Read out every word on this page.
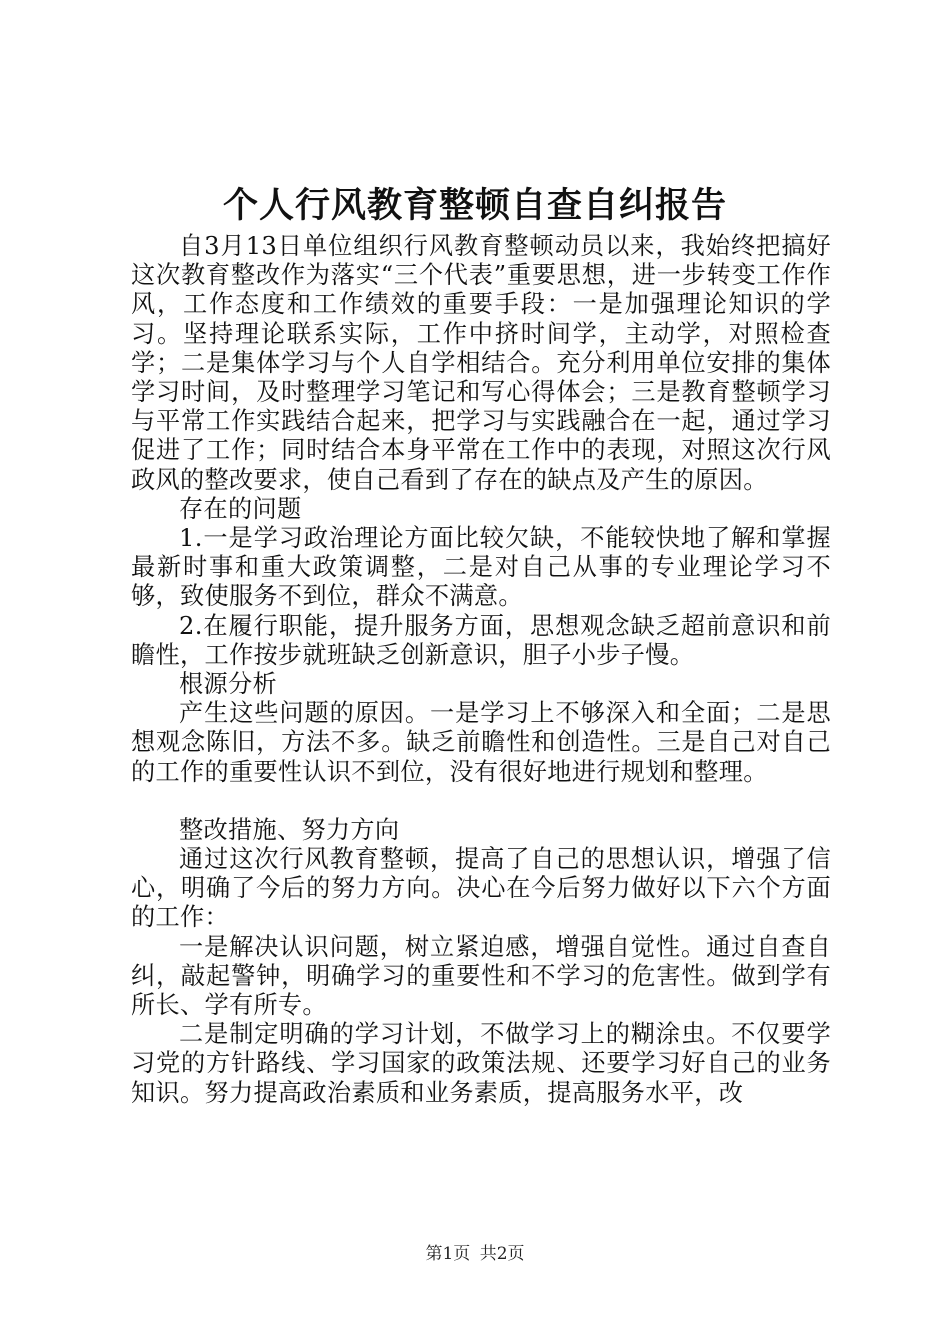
个人行风教育整顿自查自纠报告

自3月13日单位组织行风教育整顿动员以来，我始终把搞好这次教育整改作为落实“三个代表”重要思想，进一步转变工作作风，工作态度和工作绩效的重要手段：一是加强理论知识的学习。坚持理论联系实际，工作中挤时间学，主动学，对照检查学；二是集体学习与个人自学相结合。充分利用单位安排的集体学习时间，及时整理学习笔记和写心得体会；三是教育整顿学习与平常工作实践结合起来，把学习与实践融合在一起，通过学习促进了工作；同时结合本身平常在工作中的表现，对照这次行风政风的整改要求，使自己看到了存在的缺点及产生的原因。

存在的问题

1.一是学习政治理论方面比较欠缺，不能较快地了解和掌握最新时事和重大政策调整，二是对自己从事的专业理论学习不够，致使服务不到位，群众不满意。

2.在履行职能，提升服务方面，思想观念缺乏超前意识和前瞻性，工作按步就班缺乏创新意识，胆子小步子慢。

根源分析

产生这些问题的原因。一是学习上不够深入和全面；二是思想观念陈旧，方法不多。缺乏前瞻性和创造性。三是自己对自己的工作的重要性认识不到位，没有很好地进行规划和整理。

整改措施、努力方向

通过这次行风教育整顿，提高了自己的思想认识，增强了信心，明确了今后的努力方向。决心在今后努力做好以下六个方面的工作：

一是解决认识问题，树立紧迫感，增强自觉性。通过自查自纠，敲起警钟，明确学习的重要性和不学习的危害性。做到学有所长、学有所专。

二是制定明确的学习计划，不做学习上的糊涂虫。不仅要学习党的方针路线、学习国家的政策法规、还要学习好自己的业务知识。努力提高政治素质和业务素质，提高服务水平，改

第1页 共2页
